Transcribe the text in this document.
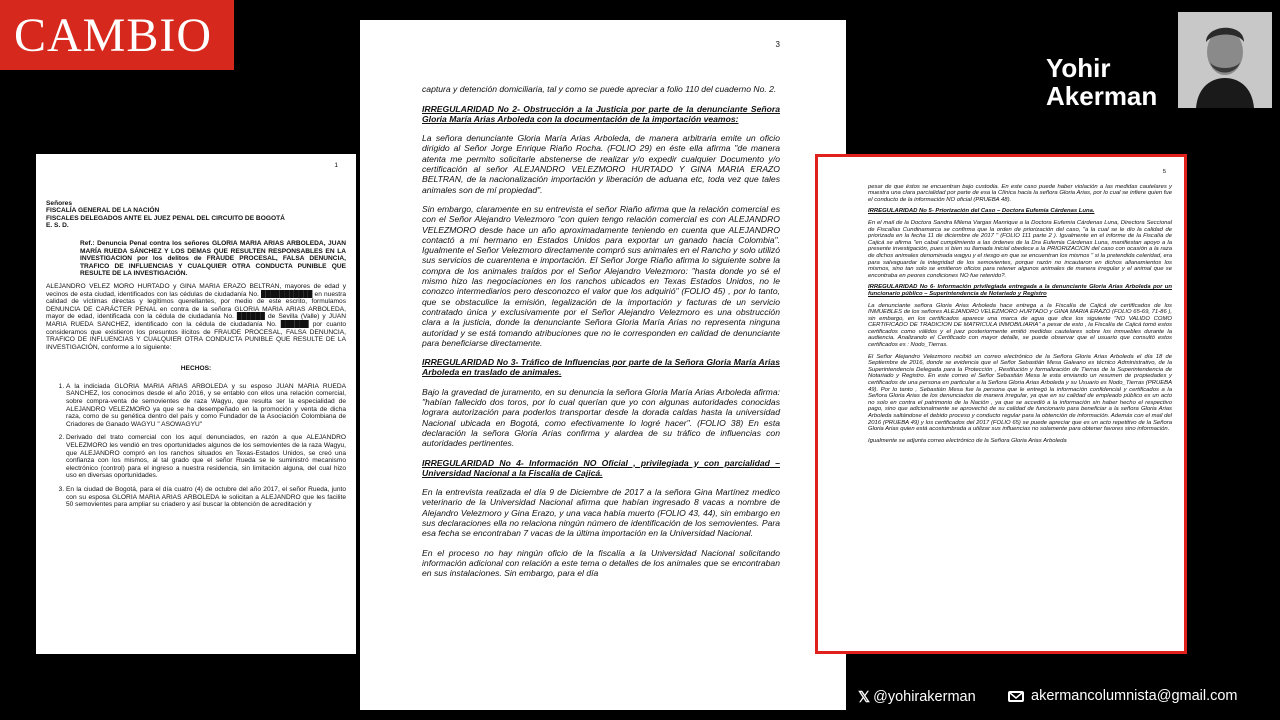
CAMBIO
Yohir
Akerman
1

Señores
FISCALÍA GENERAL DE LA NACIÓN
FISCALES DELEGADOS ANTE EL JUEZ PENAL DEL CIRCUITO DE BOGOTÁ
E. S. D.

Ref.: Denuncia Penal contra los señores GLORIA MARIA ARIAS ARBOLEDA, JUAN MARÍA RUEDA SÁNCHEZ Y LOS DEMAS QUE RESULTEN RESPONSABLES EN LA INVESTIGACION por los delitos de FRAUDE PROCESAL, FALSA DENUNCIA, TRAFICO DE INFLUENCIAS Y CUALQUIER OTRA CONDUCTA PUNIBLE QUE RESULTE DE LA INVESTIGACIÓN.

ALEJANDRO VELEZ MORO HURTADO y GINA MARIA ERAZO BELTRAN, mayores de edad y vecinos de esta ciudad, identificados con las cédulas de ciudadanía No. ███████████ en nuestra calidad de víctimas directas y legítimos querellantes, por medio de este escrito, formulamos DENUNCIA DE CARÁCTER PENAL en contra de la señora GLORIA MARIA ARIAS ARBOLEDA, mayor de edad, identificada con la cédula de ciudadanía No. ██████ de Sevilla (Valle) y JUAN MARIA RUEDA SANCHEZ, identificado con la cédula de ciudadanía No. ██████ por cuanto consideramos que existieron los presuntos ilícitos de FRAUDE PROCESAL, FALSA DENUNCIA, TRAFICO DE INFLUENCIAS Y CUALQUIER OTRA CONDUCTA PUNIBLE QUE RESULTE DE LA INVESTIGACIÓN, conforme a lo siguiente:

HECHOS:

1. A la indiciada GLORIA MARIA ARIAS ARBOLEDA y su esposo JUAN MARIA RUEDA SANCHEZ, los conocimos desde el año 2016, y se entablo con ellos una relación comercial, sobre compra-venta de semovientes de raza Wagyu, que resulta ser la especialidad de ALEJANDRO VELEZMORO ya que se ha desempeñado en la promoción y venta de dicha raza, como de su genética dentro del país y como Fundador de la Asociación Colombiana de Criadores de Ganado WAGYU " ASOWAGYU"
2. Derivado del trato comercial con los aquí denunciados, en razón a que ALEJANDRO VELEZMORO les vendió en tres oportunidades algunos de los semovientes de la raza Wagyu, que ALEJANDRO compró en los ranchos situados en Texas-Estados Unidos, se creó una confianza con los mismos, al tal grado que el señor Rueda se le suministró mecanismo electrónico (control) para el ingreso a nuestra residencia, sin limitación alguna, del cual hizo uso en diversas oportunidades.
3. En la ciudad de Bogotá, para el día cuatro (4) de octubre del año 2017, el señor Rueda, junto con su esposa GLORIA MARIA ARIAS ARBOLEDA le solicitan a ALEJANDRO que les facilite 50 semovientes para ampliar su criadero y así buscar la obtención de acreditación y
3

captura y detención domiciliaria, tal y como se puede apreciar a folio 110 del cuaderno No. 2.

IRREGULARIDAD No 2- Obstrucción a la Justicia por parte de la denunciante Señora Gloria María Arias Arboleda con la documentación de la importación veamos:

La señora denunciante Gloria María Arias Arboleda, de manera arbitraria emite un oficio dirigido al Señor Jorge Enrique Riaño Rocha. (FOLIO 29) en éste ella afirma "de manera atenta me permito solicitarle abstenerse de realizar y/o expedir cualquier Documento y/o certificación al señor ALEJANDRO VELEZMORO HURTADO Y GINA MARIA ERAZO BELTRAN, de la nacionalización importación y liberación de aduana etc, toda vez que tales animales son de mí propiedad".

Sin embargo, claramente en su entrevista el señor Riaño afirma que la relación comercial es con el Señor Alejandro Velezmoro "con quien tengo relación comercial es con ALEJANDRO VELEZMORO desde hace un año aproximadamente teniendo en cuenta que ALEJANDRO contactó a mi hermano en Estados Unidos para exportar un ganado hacia Colombia". Igualmente el Señor Velezmoro directamente compró sus animales en el Rancho y solo utilizó sus servicios de cuarentena e importación. El Señor Jorge Riaño afirma lo siguiente sobre la compra de los animales traídos por el Señor Alejandro Velezmoro: "hasta donde yo sé el mismo hizo las negociaciones en los ranchos ubicados en Texas Estados Unidos, no le conozco intermediarios pero desconozco el valor que los adquirió" (FOLIO 45) , por lo tanto, que se obstaculice la emisión, legalización de la importación y facturas de un servicio contratado única y exclusivamente por el Señor Alejandro Velezmoro es una obstrucción clara a la justicia, donde la denunciante Señora Gloria María Arias no representa ninguna autoridad y se está tomando atribuciones que no le corresponden en calidad de denunciante para beneficiarse directamente.

IRREGULARIDAD No 3- Tráfico de Influencias por parte de la Señora Gloria María Arias Arboleda en traslado de animales.

Bajo la gravedad de juramento, en su denuncia la señora Gloria María Arias Arboleda afirma: "habían fallecido dos toros, por lo cual querían que yo con algunas autoridades conocidas lograra autorización para poderlos transportar desde la dorada caldas hasta la universidad Nacional ubicada en Bogotá, como efectivamente lo logré hacer". (FOLIO 38) En esta declaración la señora Gloria Arias confirma y alardea de su tráfico de influencias con autoridades pertinentes.

IRREGULARIDAD No 4- Información NO Oficial , privilegiada y con parcialidad – Universidad Nacional a la Fiscalía de Cajicá.

En la entrevista realizada el día 9 de Diciembre de 2017 a la señora Gina Martínez medico veterinario de la Universidad Nacional afirma que habían ingresado 8 vacas a nombre de Alejandro Velezmoro y Gina Erazo, y una vaca había muerto (FOLIO 43, 44), sin embargo en sus declaraciones ella no relaciona ningún número de identificación de los semovientes. Para esa fecha se encontraban 7 vacas de la última importación en la Universidad Nacional.

En el proceso no hay ningún oficio de la fiscalía a la Universidad Nacional solicitando información adicional con relación a este tema o detalles de los animales que se encontraban en sus instalaciones. Sin embargo, para el día

5

pesar de que éstos se encuentran bajo custodia. En este caso puede haber violación a las medidas cautelares y muestra una clara parcialidad por parte de esa la Clínica hacia la señora Gloria Arias, por lo cual se infiere quien fue el conducto de la información NO oficial (PRUEBA 48).

IRREGULARIDAD No 5- Priorización del Caso – Doctora Eufemia Cárdenas Luna.

En el mail de la Doctora Sandra Milena Vargas Manrique a la Doctora Eufemia Cárdenas Luna, Directora Seccional de Fiscalías Cundinamarca se confirma que la orden de priorización del caso, "a la cual se le dio la calidad de priorizada en la fecha 11 de diciembre de 2017 " (FOLIO 111 parte 2 ). Igualmente en el informe de la Fiscalía de Cajicá se afirma "en cabal cumplimiento a las órdenes de la Dra Eufemia Cárdenas Luna, manifiestan apoyo a la presente investigación, pues si bien su llamada inicial obedece a la PRIORIZACION del caso con ocasión a la raza de dichos animales denominada wagyu y el riesgo en que se encuentran los mismos " si la pretendida celeridad, era para salvaguardar la integridad de los semovientes, porque razón no incautaron en dichos allanamientos los mismos, sino tan solo se emitieron oficios para retener algunos animales de manera irregular y el animal que se encontraba en peores condiciones NO fue retenido?.

IRREGULARIDAD No 6- Información privilegiada entregada a la denunciante Gloria Arias Arboleda por un funcionario público – Superintendencia de Notariado y Registro

La denunciante señora Gloria Arias Arboleda hace entrega a la Fiscalía de Cajicá de certificados de los INMUEBLES de los señores ALEJANDRO VELEZMORO HURTADO y GINA MARIA ERAZO (FOLIO 65-69, 71-86 ), sin embargo, en los certificados aparece una marca de agua que dice los siguiente "NO VALIDO COMO CERTIFICADO DE TRADICION DE MATRICULA INMOBILIARIA" a pesar de esto , la Fiscalía de Cajicá tomó estos certificados como válidos y el juez posteriormente emitió medidas cautelares sobre los inmuebles durante la audiencia. Analizando el Certificado con mayor detalle, se puede observar que el usuario que consultó estos certificados es : Nodo_Tierras.

El Señor Alejandro Velezmoro recibió un correo electrónico de la Señora Gloria Arias Arboleda el día 18 de Septiembre de 2016, donde se evidencia que el Señor Sebastián Mesa Galeano es técnico Administrativo, de la Superintendencia Delegada para la Protección , Restitución y formalización de Tierras de la Superintendencia de Notariado y Registro. En este correo el Señor Sebastián Mesa le esta enviando un resumen de propiedades y certificados de una persona en particular a la Señora Gloria Arias Arboleda y su Usuario es Nodo_Tierras (PRUEBA 49). Por lo tanto , Sebastián Mesa fue la persona que le entregó la información confidencial y certificados a la Señora Gloria Arias de los denunciados de manera irregular, ya que en su calidad de empleado público es un acto no solo en contra el patrimonio de la Nación , ya que se accedió a la información sin haber hecho el respectivo pago, sino que adicionalmente se aprovechó de su calidad de funcionario para beneficiar a la señora Gloria Arias Arboleda saltándose el debido proceso y conducto regular para la obtención de información. Además con el mail del 2016 (PRUEBA 49) y los certificados del 2017 (FOLIO 65) se puede apreciar que es un acto repetitivo de la Señora Gloria Arias quien está acostumbrada a utilizar sus influencias no solamente para obtener favores sino información.

Igualmente se adjunta correo electrónico de la Señora Gloria Arias Arboleda

𝕏 @yohirakerman	akermancolumnista@gmail.com
